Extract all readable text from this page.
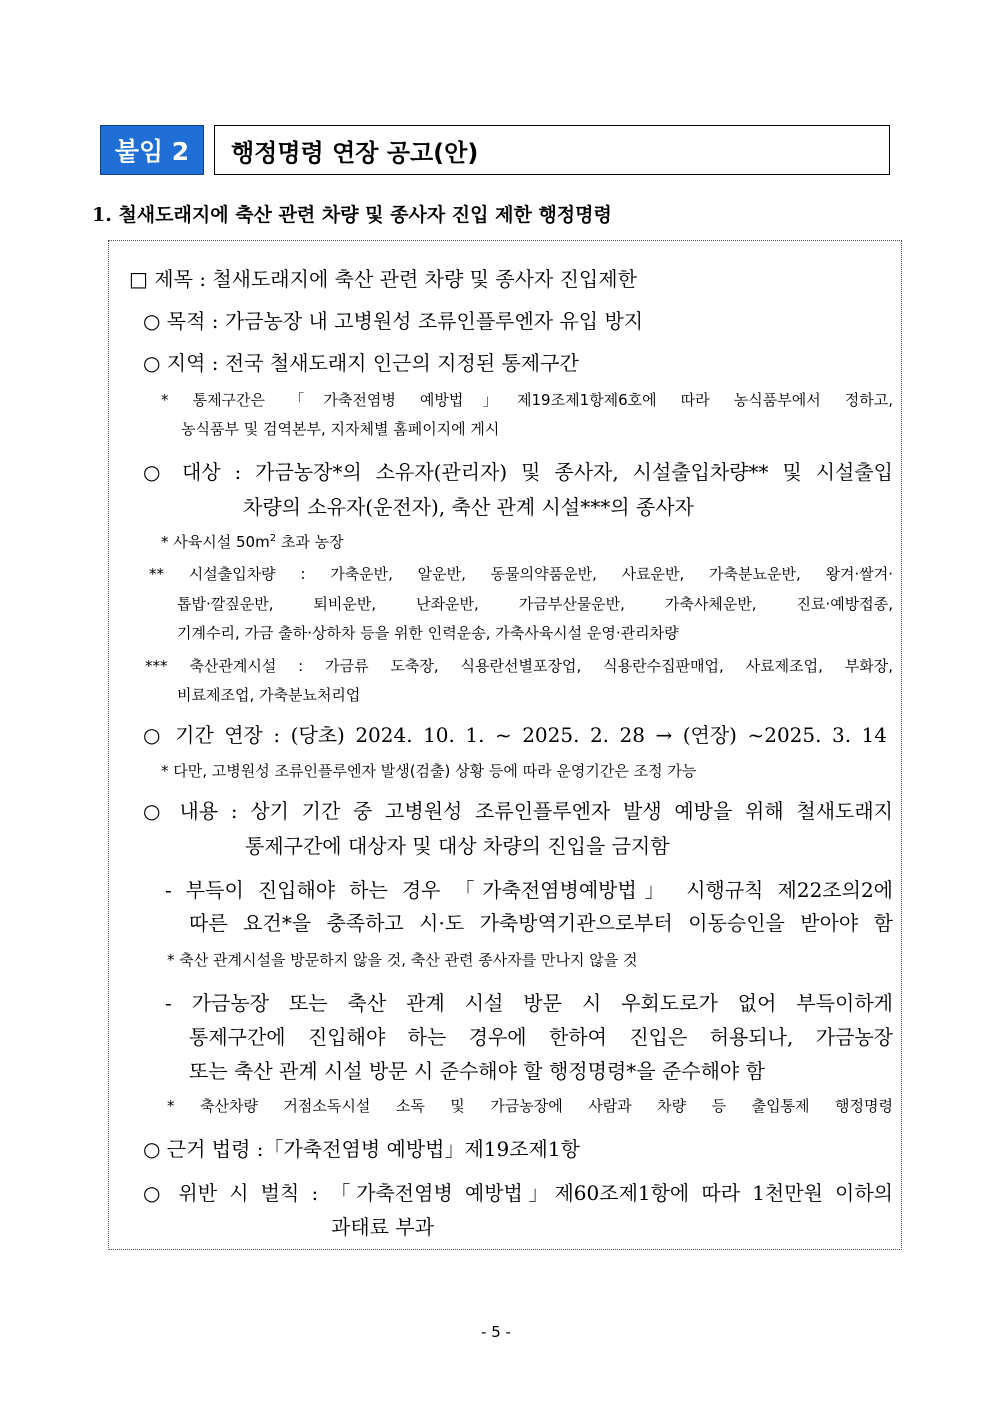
붙임 2	행정명령 연장 공고(안)
1. 철새도래지에 축산 관련 차량 및 종사자 진입 제한 행정명령
□ 제목 : 철새도래지에 축산 관련 차량 및 종사자 진입제한
○ 목적 : 가금농장 내 고병원성 조류인플루엔자 유입 방지
○ 지역 : 전국 철새도래지 인근의 지정된 통제구간
* 통제구간은 「가축전염병 예방법」제19조제1항제6호에 따라 농식품부에서 정하고,
농식품부 및 검역본부, 지자체별 홈페이지에 게시
○ 대상 : 가금농장*의 소유자(관리자) 및 종사자, 시설출입차량** 및 시설출입
차량의 소유자(운전자), 축산 관계 시설***의 종사자
* 사육시설 $50m^2$ 초과 농장
** 시설출입차량 : 가축운반, 알운반, 동물의약품운반, 사료운반, 가축분뇨운반, 왕겨·쌀겨·
톱밥·깔짚운반, 퇴비운반, 난좌운반, 가금부산물운반, 가축사체운반, 진료·예방접종,
기계수리, 가금 출하·상하차 등을 위한 인력운송, 가축사육시설 운영·관리차량
*** 축산관계시설 : 가금류 도축장, 식용란선별포장업, 식용란수집판매업, 사료제조업, 부화장,
비료제조업, 가축분뇨처리업
○ 기간 연장 : (당초) 2024. 10. 1. ~ 2025. 2. 28 → (연장) ~2025. 3. 14
* 다만, 고병원성 조류인플루엔자 발생(검출) 상황 등에 따라 운영기간은 조정 가능
○ 내용 : 상기 기간 중 고병원성 조류인플루엔자 발생 예방을 위해 철새도래지
통제구간에 대상자 및 대상 차량의 진입을 금지함
- 부득이 진입해야 하는 경우 「가축전염병예방법」 시행규칙 제22조의2에
따른 요건*을 충족하고 시·도 가축방역기관으로부터 이동승인을 받아야 함
* 축산 관계시설을 방문하지 않을 것, 축산 관련 종사자를 만나지 않을 것
- 가금농장 또는 축산 관계 시설 방문 시 우회도로가 없어 부득이하게
통제구간에 진입해야 하는 경우에 한하여 진입은 허용되나, 가금농장
또는 축산 관계 시설 방문 시 준수해야 할 행정명령*을 준수해야 함
* 축산차량 거점소독시설 소독 및 가금농장에 사람과 차량 등 출입통제 행정명령
○ 근거 법령 :「가축전염병 예방법」제19조제1항
○ 위반 시 벌칙 : 「가축전염병 예방법」제60조제1항에 따라 1천만원 이하의
과태료 부과
- 5 -
